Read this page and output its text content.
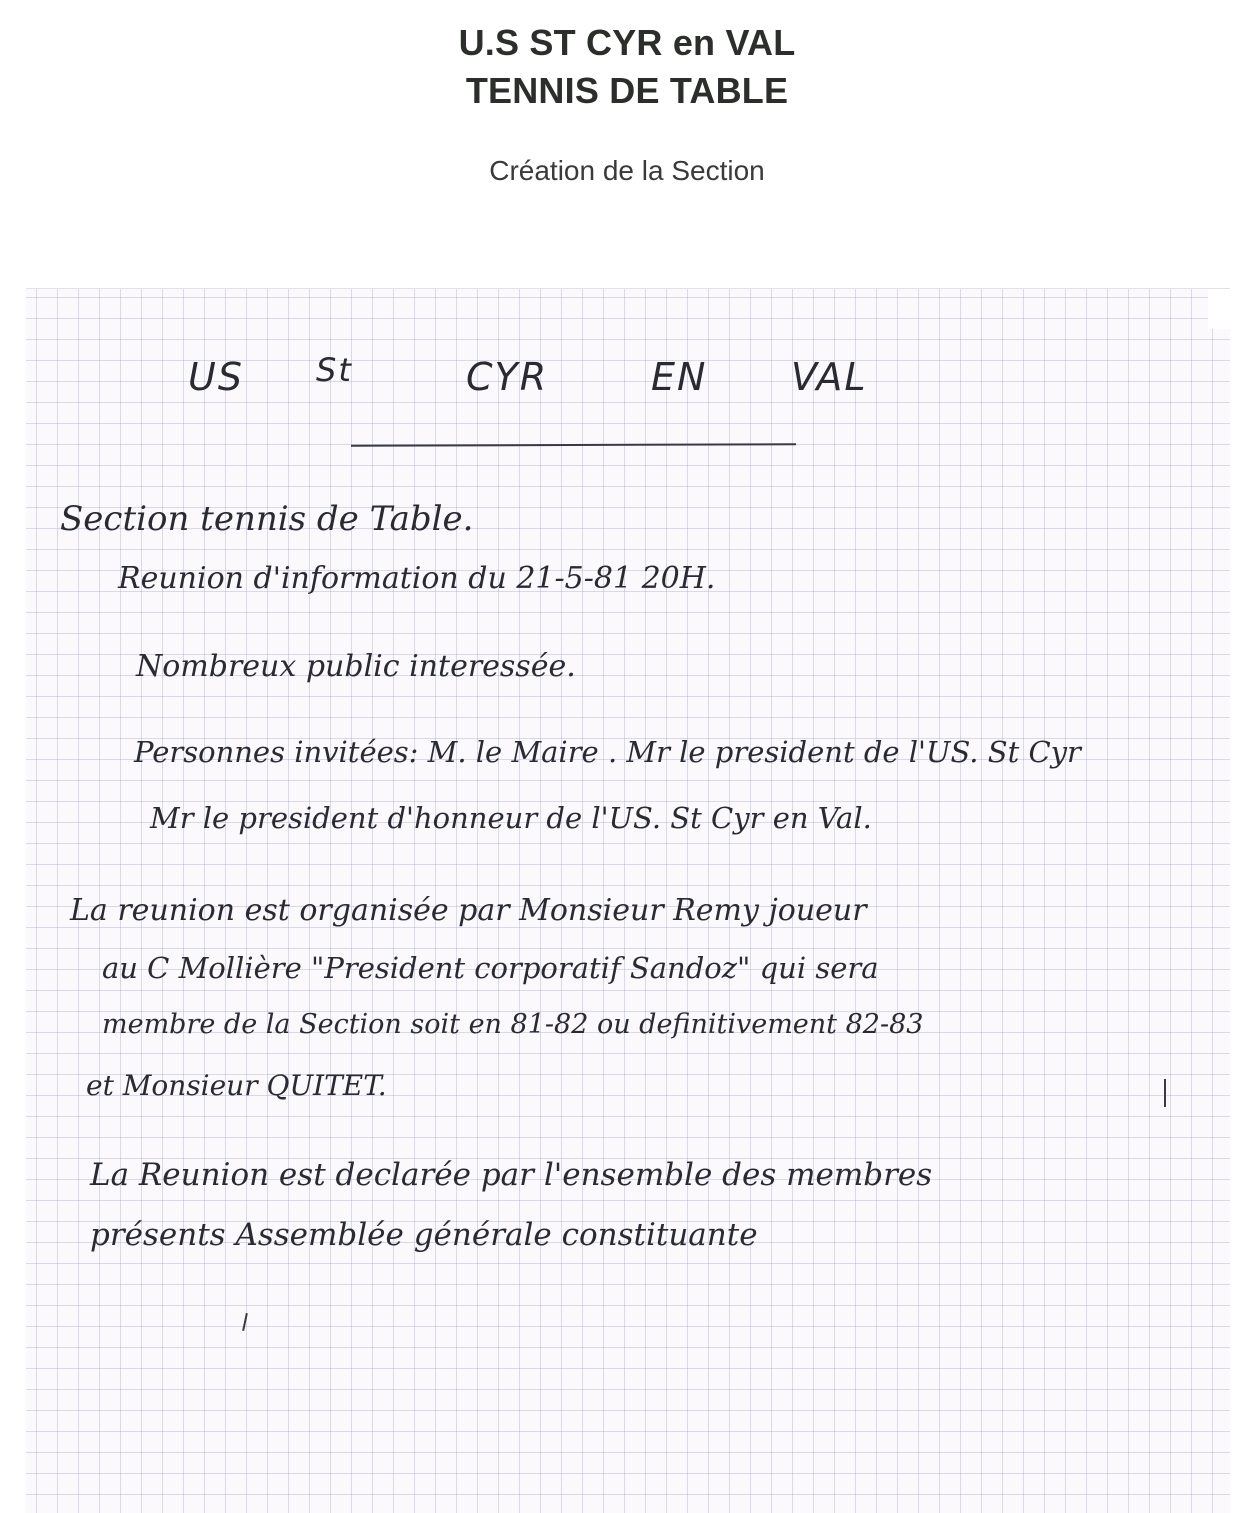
U.S ST CYR en VAL
TENNIS DE TABLE
Création de la Section
US St	CYR	EN VAL
Section tennis de Table.
Reunion d'information du 21-5-81 20H.
Nombreux public interessée.
Personnes invitées: M. le Maire . Mr le president de l'US. St Cyr
Mr le president d'honneur de l'US. St Cyr en Val.
La reunion est organisée par Monsieur Remy joueur
au C Mollière "President corporatif Sandoz" qui sera
membre de la Section soit en 81-82 ou definitivement 82-83
et Monsieur QUITET.
La Reunion est declarée par l'ensemble des membres
présents Assemblée générale constituante
